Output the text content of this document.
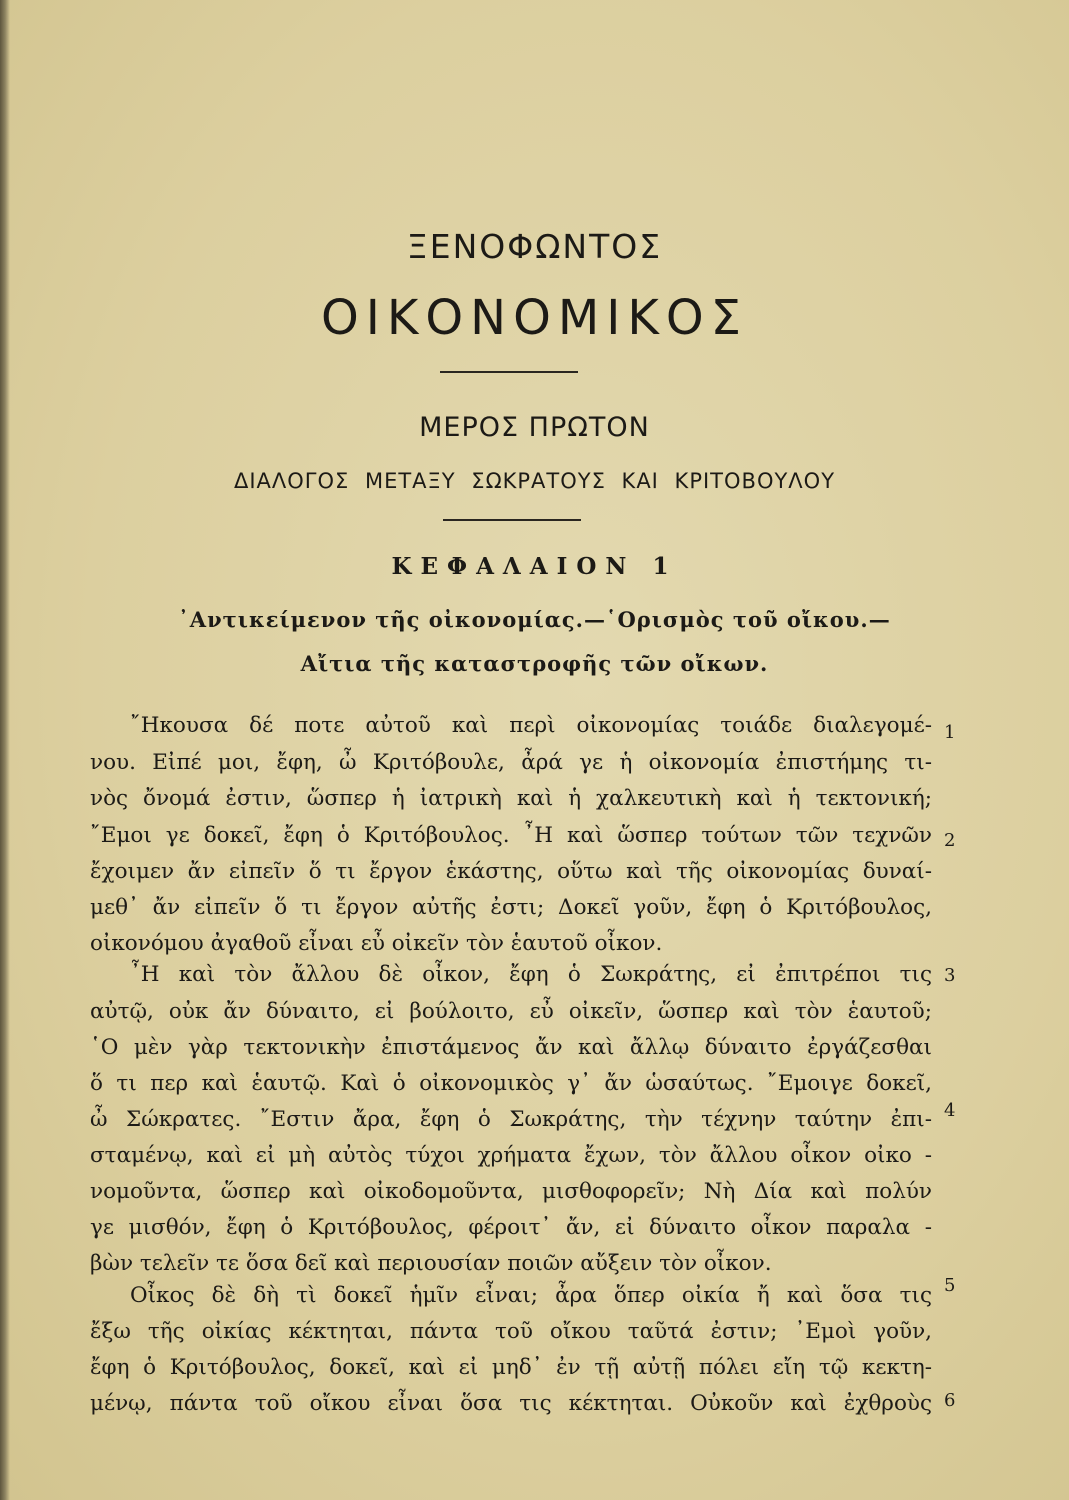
ΞΕΝΟΦΩΝΤΟΣ
ΟΙΚΟΝΟΜΙΚΟΣ
ΜΕΡΟΣ ΠΡΩΤΟΝ
ΔΙΑΛΟΓΟΣ ΜΕΤΑΞΥ ΣΩΚΡΑΤΟΥΣ ΚΑΙ ΚΡΙΤΟΒΟΥΛΟΥ
ΚΕΦΑΛΑΙΟΝ 1
᾿Αντικείμενον τῆς οἰκονομίας.—῾Ορισμὸς τοῦ οἴκου.—
Αἴτια τῆς καταστροφῆς τῶν οἴκων.
῎Ηκουσα δέ ποτε αὐτοῦ καὶ περὶ οἰκονομίας τοιάδε διαλεγομέ-
νου. Εἰπέ μοι, ἔφη, ὦ Κριτόβουλε, ἆρά γε ἡ οἰκονομία ἐπιστήμης τι-
νὸς ὄνομά ἐστιν, ὥσπερ ἡ ἰατρικὴ καὶ ἡ χαλκευτικὴ καὶ ἡ τεκτονική;
῎Εμοι γε δοκεῖ, ἔφη ὁ Κριτόβουλος. ῏Η καὶ ὥσπερ τούτων τῶν τεχνῶν
ἔχοιμεν ἄν εἰπεῖν ὅ τι ἔργον ἑκάστης, οὕτω καὶ τῆς οἰκονομίας δυναί-
μεθ᾿ ἄν εἰπεῖν ὅ τι ἔργον αὐτῆς ἐστι; Δοκεῖ γοῦν, ἔφη ὁ Κριτόβουλος,
οἰκονόμου ἀγαθοῦ εἶναι εὖ οἰκεῖν τὸν ἑαυτοῦ οἶκον.
῏Η καὶ τὸν ἄλλου δὲ οἶκον, ἔφη ὁ Σωκράτης, εἰ ἐπιτρέποι τις
αὐτῷ, οὐκ ἄν δύναιτο, εἰ βούλοιτο, εὖ οἰκεῖν, ὥσπερ καὶ τὸν ἑαυτοῦ;
῾Ο μὲν γὰρ τεκτονικὴν ἐπιστάμενος ἄν καὶ ἄλλῳ δύναιτο ἐργάζεσθαι
ὅ τι περ καὶ ἑαυτῷ. Καὶ ὁ οἰκονομικὸς γ᾿ ἄν ὡσαύτως. ῎Εμοιγε δοκεῖ,
ὦ Σώκρατες. ῎Εστιν ἄρα, ἔφη ὁ Σωκράτης, τὴν τέχνην ταύτην ἐπι-
σταμένῳ, καὶ εἰ μὴ αὐτὸς τύχοι χρήματα ἔχων, τὸν ἄλλου οἶκον οἰκο -
νομοῦντα, ὥσπερ καὶ οἰκοδομοῦντα, μισθοφορεῖν; Νὴ Δία καὶ πολύν
γε μισθόν, ἔφη ὁ Κριτόβουλος, φέροιτ᾿ ἄν, εἰ δύναιτο οἶκον παραλα -
βὼν τελεῖν τε ὅσα δεῖ καὶ περιουσίαν ποιῶν αὔξειν τὸν οἶκον.
Οἶκος δὲ δὴ τὶ δοκεῖ ἡμῖν εἶναι; ἆρα ὅπερ οἰκία ἤ καὶ ὅσα τις
ἔξω τῆς οἰκίας κέκτηται, πάντα τοῦ οἴκου ταῦτά ἐστιν; ᾿Εμοὶ γοῦν,
ἔφη ὁ Κριτόβουλος, δοκεῖ, καὶ εἰ μηδ᾿ ἐν τῇ αὐτῇ πόλει εἴη τῷ κεκτη-
μένῳ, πάντα τοῦ οἴκου εἶναι ὅσα τις κέκτηται. Οὐκοῦν καὶ ἐχθροὺς
1
2
3
4
5
6
